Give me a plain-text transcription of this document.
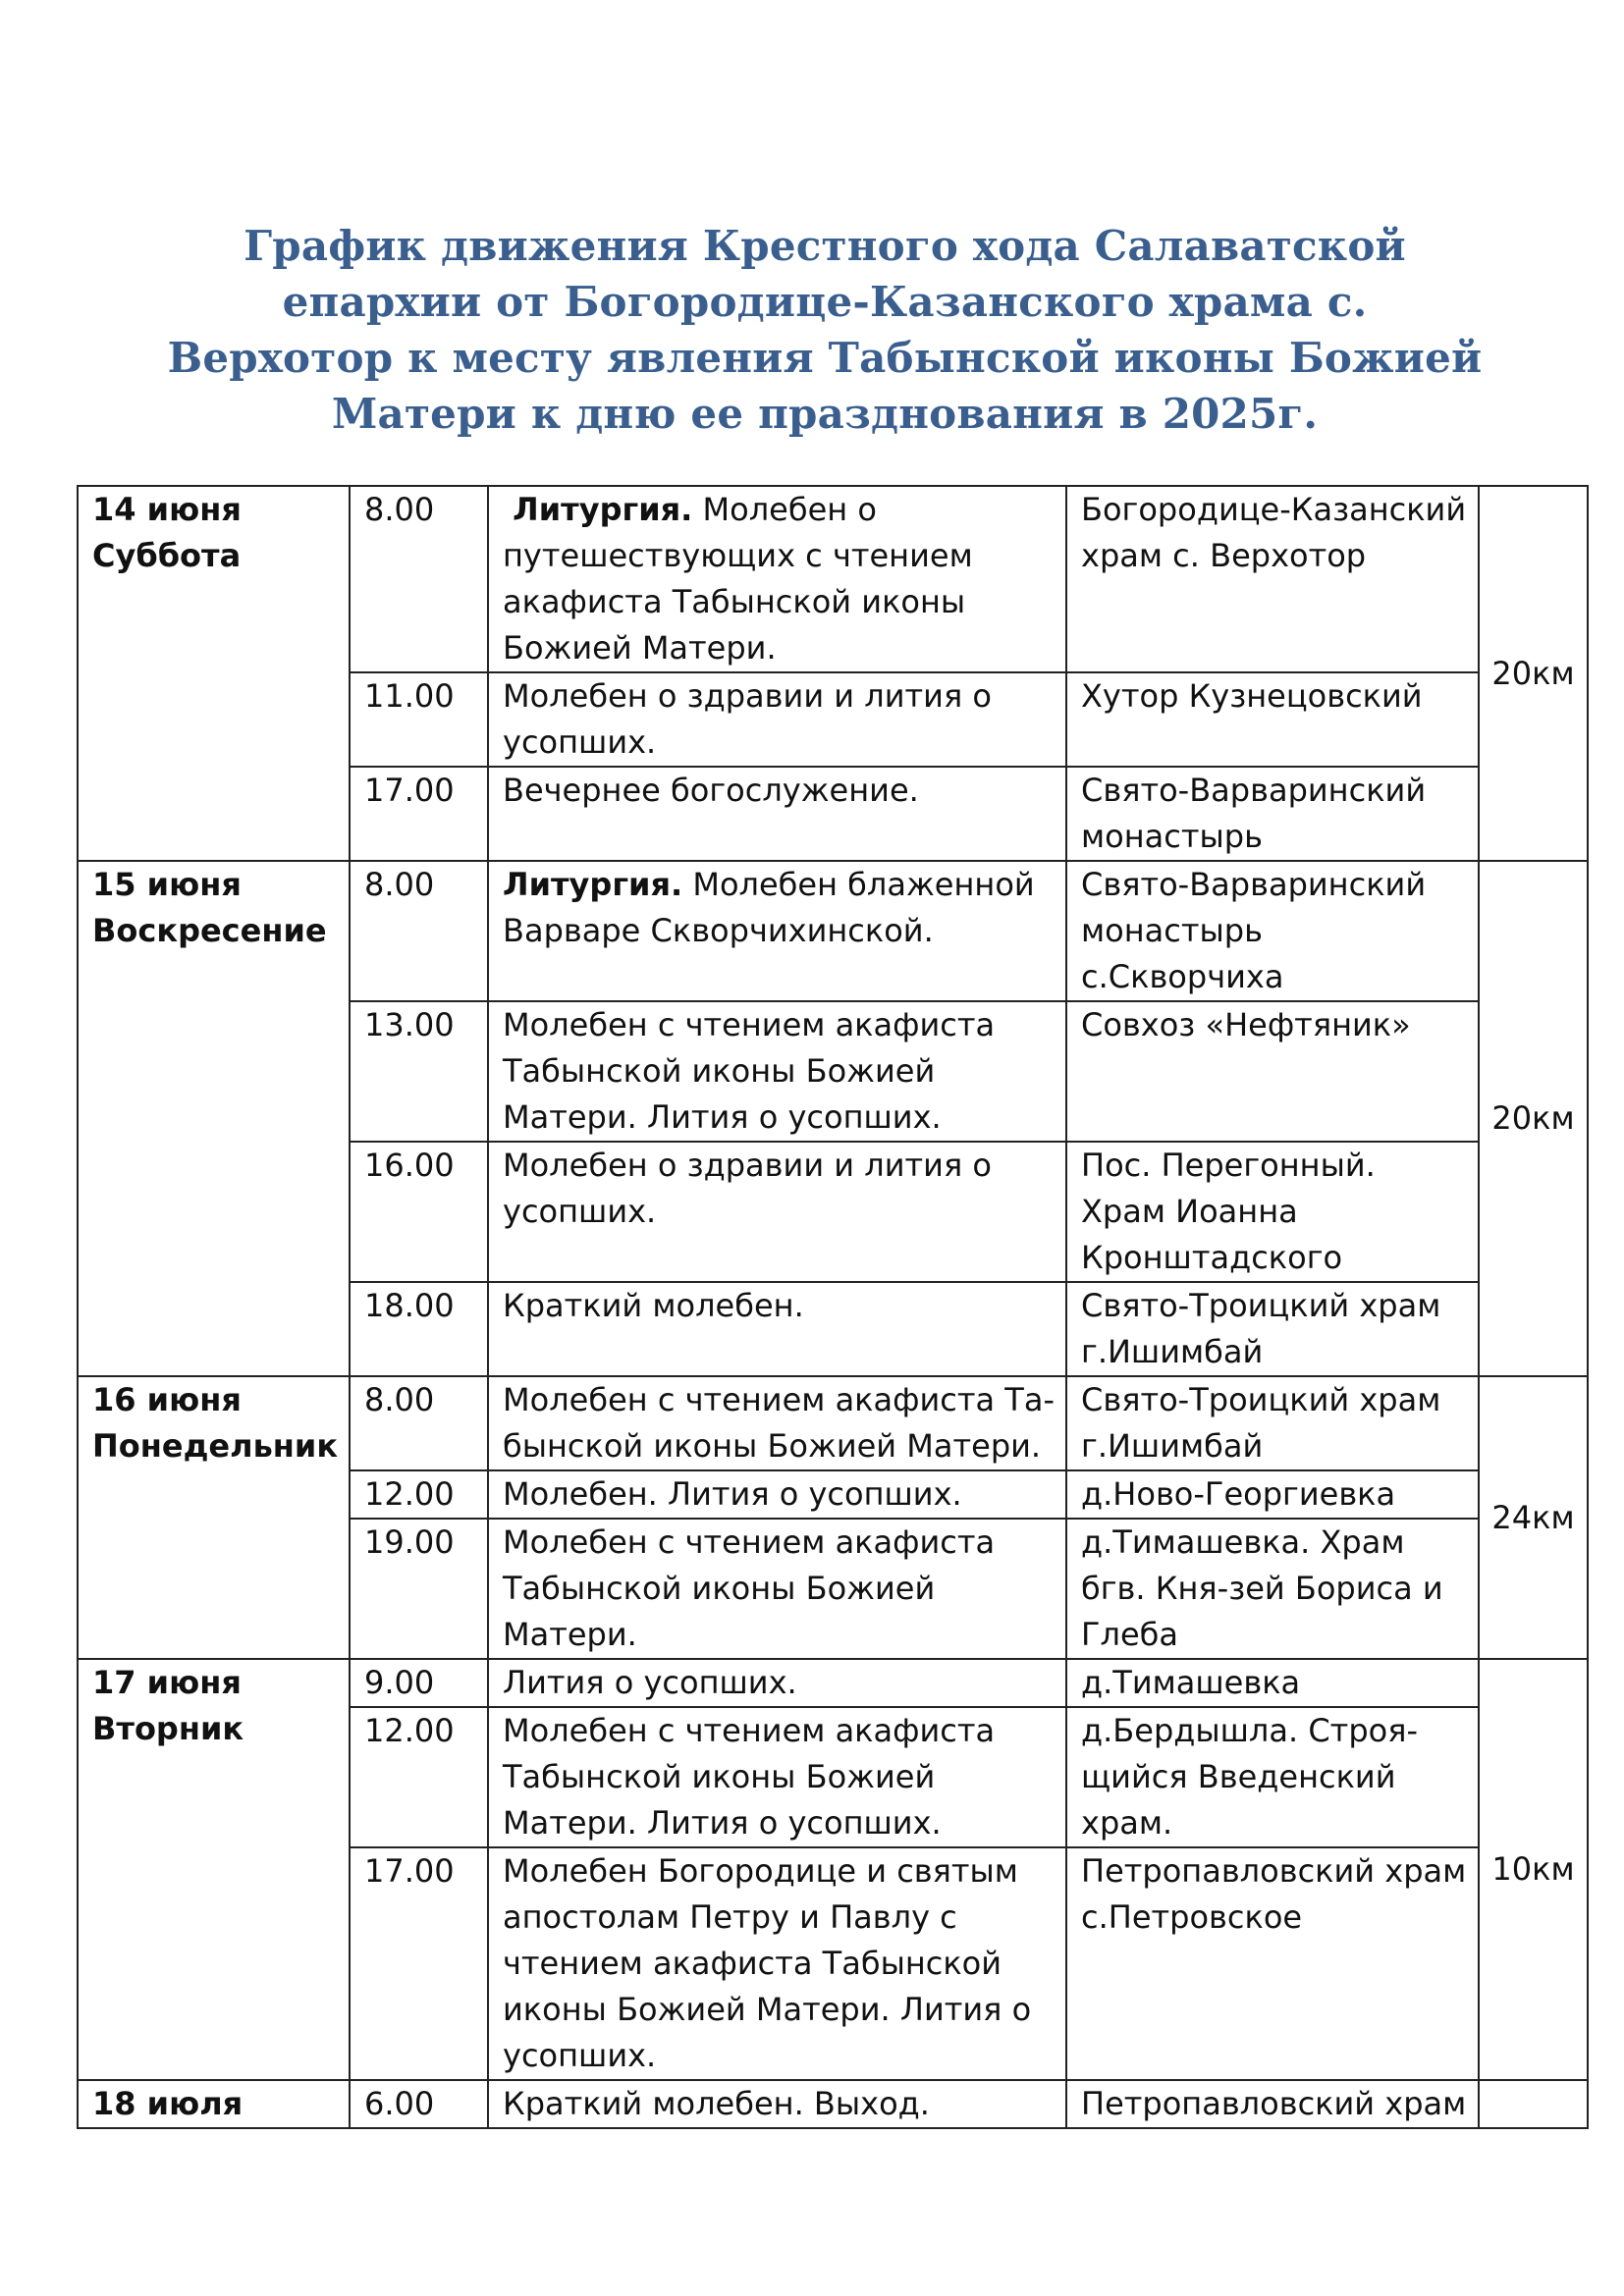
График движения Крестного хода Салаватской
епархии от Богородице-Казанского храма с.
Верхотор к месту явления Табынской иконы Божией
Матери к дню ее празднования в 2025г.
14 июня
Суббота	8.00	Литургия. Молебен о
путешествующих с чтением
акафиста Табынской иконы
Божией Матери.	Богородице-Казанский
храм с. Верхотор	20км

	11.00	Молебен о здравии и лития о
усопших.	Хутор Кузнецовский	

	17.00	Вечернее богослужение.	Свято-Варваринский
монастырь	

15 июня
Воскресение	8.00	Литургия. Молебен блаженной
Варваре Скворчихинской.	Свято-Варваринский
монастырь
с.Скворчиха	20км

	13.00	Молебен с чтением акафиста
Табынской иконы Божией
Матери. Лития о усопших.	Совхоз «Нефтяник»	

	16.00	Молебен о здравии и лития о
усопших.	Пос. Перегонный.
Храм Иоанна
Кронштадского	

	18.00	Краткий молебен.	Свято-Троицкий храм
г.Ишимбай	

16 июня
Понедельник	8.00	Молебен с чтением акафиста Та-
бынской иконы Божией Матери.	Свято-Троицкий храм
г.Ишимбай	24км

	12.00	Молебен. Лития о усопших.	д.Ново-Георгиевка	

	19.00	Молебен с чтением акафиста
Табынской иконы Божией
Матери.	д.Тимашевка. Храм
бгв. Кня-зей Бориса и
Глеба	

17 июня
Вторник	9.00	Лития о усопших.	д.Тимашевка	10км

	12.00	Молебен с чтением акафиста
Табынской иконы Божией
Матери. Лития о усопших.	д.Бердышла. Строя-
щийся Введенский
храм.	

	17.00	Молебен Богородице и святым
апостолам Петру и Павлу с
чтением акафиста Табынской
иконы Божией Матери. Лития о
усопших.	Петропавловский храм
с.Петровское	

18 июля	6.00	Краткий молебен. Выход.	Петропавловский храм	
